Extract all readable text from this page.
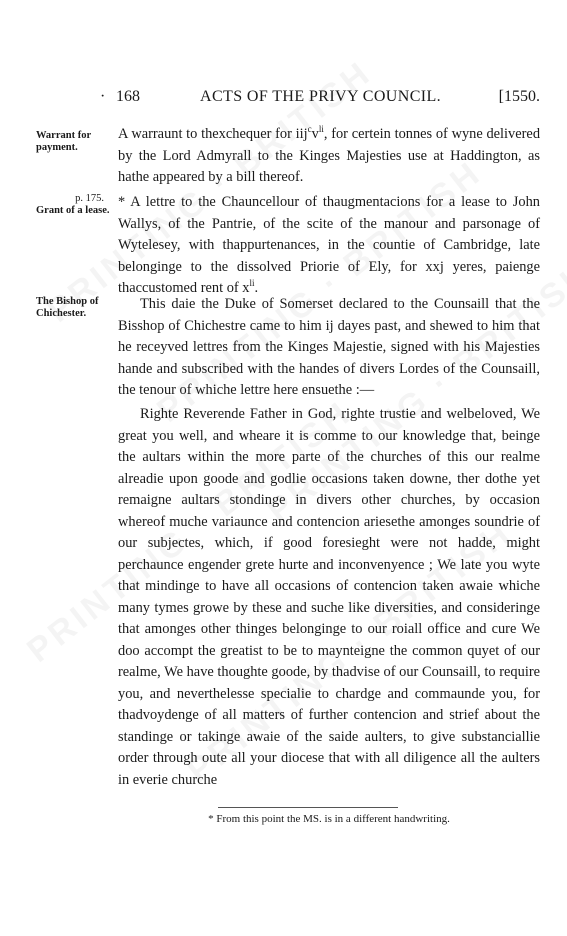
· 168	ACTS OF THE PRIVY COUNCIL.	[1550.
Warrant for payment.

A warraunt to thexchequer for $iij^cv^{li}$, for certein tonnes of wyne delivered by the Lord Admyrall to the Kinges Majesties use at Haddington, as hathe appeared by a bill thereof.

p. 175.
Grant of a lease.

* A lettre to the Chauncellour of thaugmentacions for a lease to John Wallys, of the Pantrie, of the scite of the manour and parsonage of Wytelesey, with thappurtenances, in the countie of Cambridge, late belonginge to the dissolved Priorie of Ely, for xxj yeres, paienge thaccustomed rent of $x^{li}$.

The Bishop of Chichester.

This daie the Duke of Somerset declared to the Counsaill that the Bisshop of Chichestre came to him ij dayes past, and shewed to him that he receyved lettres from the Kinges Majestie, signed with his Majesties hande and subscribed with the handes of divers Lordes of the Counsaill, the tenour of whiche lettre here ensuethe :—

Righte Reverende Father in God, righte trustie and welbeloved, We great you well, and wheare it is comme to our knowledge that, beinge the aultars within the more parte of the churches of this our realme alreadie upon goode and godlie occasions taken downe, ther dothe yet remaigne aultars stondinge in divers other churches, by occasion whereof muche variaunce and contencion ariesethe amonges soundrie of our subjectes, which, if good foresieght were not hadde, might perchaunce engender grete hurte and inconvenyence ; We late you wyte that mindinge to have all occasions of contencion taken awaie whiche many tymes growe by these and suche like diversities, and consideringe that amonges other thinges belonginge to our roiall office and cure We doo accompt the greatist to be to maynteigne the common quyet of our realme, We have thoughte goode, by thadvise of our Counsaill, to require you, and neverthelesse specialie to chardge and commaunde you, for thadvoydenge of all matters of further contencion and strief about the standinge or takinge awaie of the saide aulters, to give substanciallie order through oute all your diocese that with all diligence all the aulters in everie churche

* From this point the MS. is in a different handwriting.
